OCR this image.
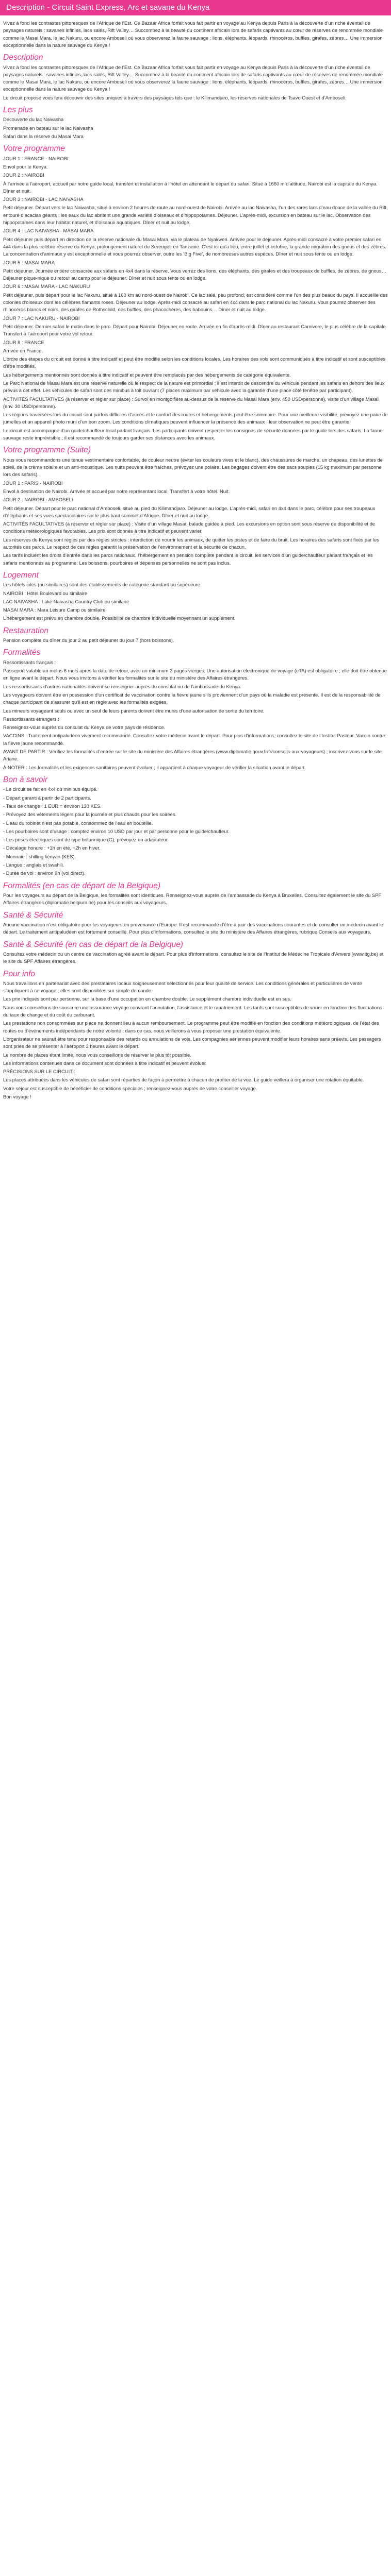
Description - Circuit Saint Express, Arc et savane du Kenya

Vivez à fond les contrastes pittoresques de l’Afrique de l’Est. Ce Bazaar Africa forfait vous fait partir en voyage au Kenya depuis Paris à la découverte d’un riche éventail de paysages naturels : savanes infinies, lacs salés, Rift Valley… Succombez à la beauté du continent africain lors de safaris captivants au cœur de réserves de renommée mondiale comme le Masai Mara, le lac Nakuru, ou encore Amboseli où vous observerez la faune sauvage : lions, éléphants, léopards, rhinocéros, buffles, girafes, zèbres… Une immersion exceptionnelle dans la nature sauvage du Kenya !

Description

Vivez à fond les contrastes pittoresques de l’Afrique de l’Est. Ce Bazaar Africa forfait vous fait partir en voyage au Kenya depuis Paris à la découverte d’un riche éventail de paysages naturels : savanes infinies, lacs salés, Rift Valley… Succombez à la beauté du continent africain lors de safaris captivants au cœur de réserves de renommée mondiale comme le Masai Mara, le lac Nakuru, ou encore Amboseli où vous observerez la faune sauvage : lions, éléphants, léopards, rhinocéros, buffles, girafes, zèbres… Une immersion exceptionnelle dans la nature sauvage du Kenya !

Le circuit proposé vous fera découvrir des sites uniques à travers des paysages tels que : le Kilimandjaro, les réserves nationales de Tsavo Ouest et d’Amboseli.

Les plus

Découverte du lac Naivasha

Promenade en bateau sur le lac Naivasha

Safari dans la réserve du Masai Mara

Votre programme

JOUR 1 : FRANCE - NAIROBI

Envol pour le Kenya.

JOUR 2 : NAIROBI

À l’arrivée à l’aéroport, accueil par notre guide local, transfert et installation à l’hôtel en attendant le départ du safari. Situé à 1660 m d’altitude, Nairobi est la capitale du Kenya. Dîner et nuit.

JOUR 3 : NAIROBI - LAC NAIVASHA

Petit déjeuner. Départ vers le lac Naivasha, situé à environ 2 heures de route au nord-ouest de Nairobi. Arrivée au lac Naivasha, l’un des rares lacs d’eau douce de la vallée du Rift, entouré d’acacias géants ; les eaux du lac abritent une grande variété d’oiseaux et d’hippopotames. Déjeuner. L’après-midi, excursion en bateau sur le lac. Observation des hippopotames dans leur habitat naturel, et d’oiseaux aquatiques. Dîner et nuit au lodge.

JOUR 4 : LAC NAIVASHA - MASAI MARA

Petit déjeuner puis départ en direction de la réserve nationale du Masai Mara, via le plateau de Nyakweri. Arrivée pour le déjeuner. Après-midi consacré à votre premier safari en 4x4 dans la plus célèbre réserve du Kenya, prolongement naturel du Serengeti en Tanzanie. C’est ici qu’a lieu, entre juillet et octobre, la grande migration des gnous et des zèbres. La concentration d’animaux y est exceptionnelle et vous pourrez observer, outre les ‘Big Five’, de nombreuses autres espèces. Dîner et nuit sous tente ou en lodge.

JOUR 5 : MASAI MARA

Petit déjeuner. Journée entière consacrée aux safaris en 4x4 dans la réserve. Vous verrez des lions, des éléphants, des girafes et des troupeaux de buffles, de zèbres, de gnous… Déjeuner pique-nique ou retour au camp pour le déjeuner. Dîner et nuit sous tente ou en lodge.

JOUR 6 : MASAI MARA - LAC NAKURU

Petit déjeuner, puis départ pour le lac Nakuru, situé à 160 km au nord-ouest de Nairobi. Ce lac salé, peu profond, est considéré comme l’un des plus beaux du pays. Il accueille des colonies d’oiseaux dont les célèbres flamants roses. Déjeuner au lodge. Après-midi consacré au safari en 4x4 dans le parc national du lac Nakuru. Vous pourrez observer des rhinocéros blancs et noirs, des girafes de Rothschild, des buffles, des phacochères, des babouins… Dîner et nuit au lodge.

JOUR 7 : LAC NAKURU - NAIROBI

Petit déjeuner. Dernier safari le matin dans le parc. Départ pour Nairobi. Déjeuner en route. Arrivée en fin d’après-midi. Dîner au restaurant Carnivore, le plus célèbre de la capitale. Transfert à l’aéroport pour votre vol retour.

JOUR 8 : FRANCE

Arrivée en France.

L’ordre des étapes du circuit est donné à titre indicatif et peut être modifié selon les conditions locales. Les horaires des vols sont communiqués à titre indicatif et sont susceptibles d’être modifiés.

Les hébergements mentionnés sont donnés à titre indicatif et peuvent être remplacés par des hébergements de catégorie équivalente.

Le Parc National de Masai Mara est une réserve naturelle où le respect de la nature est primordial ; il est interdit de descendre du véhicule pendant les safaris en dehors des lieux prévus à cet effet. Les véhicules de safari sont des minibus à toit ouvrant (7 places maximum par véhicule avec la garantie d’une place côté fenêtre par participant).

ACTIVITÉS FACULTATIVES (à réserver et régler sur place) : Survol en montgolfière au-dessus de la réserve du Masai Mara (env. 450 USD/personne), visite d’un village Masaï (env. 30 USD/personne).

Les régions traversées lors du circuit sont parfois difficiles d’accès et le confort des routes et hébergements peut être sommaire. Pour une meilleure visibilité, prévoyez une paire de jumelles et un appareil photo muni d’un bon zoom. Les conditions climatiques peuvent influencer la présence des animaux : leur observation ne peut être garantie.

Le circuit est accompagné d’un guide/chauffeur local parlant français. Les participants doivent respecter les consignes de sécurité données par le guide lors des safaris. La faune sauvage reste imprévisible ; il est recommandé de toujours garder ses distances avec les animaux.

Votre programme (Suite)

Nous vous recommandons une tenue vestimentaire confortable, de couleur neutre (éviter les couleurs vives et le blanc), des chaussures de marche, un chapeau, des lunettes de soleil, de la crème solaire et un anti-moustique. Les nuits peuvent être fraîches, prévoyez une polaire. Les bagages doivent être des sacs souples (15 kg maximum par personne lors des safaris).

JOUR 1 : PARIS - NAIROBI

Envol à destination de Nairobi. Arrivée et accueil par notre représentant local. Transfert à votre hôtel. Nuit.

JOUR 2 : NAIROBI - AMBOSELI

Petit déjeuner. Départ pour le parc national d’Amboseli, situé au pied du Kilimandjaro. Déjeuner au lodge. L’après-midi, safari en 4x4 dans le parc, célèbre pour ses troupeaux d’éléphants et ses vues spectaculaires sur le plus haut sommet d’Afrique. Dîner et nuit au lodge.

ACTIVITÉS FACULTATIVES (à réserver et régler sur place) : Visite d’un village Masaï, balade guidée à pied. Les excursions en option sont sous réserve de disponibilité et de conditions météorologiques favorables. Les prix sont donnés à titre indicatif et peuvent varier.

Les réserves du Kenya sont régies par des règles strictes : interdiction de nourrir les animaux, de quitter les pistes et de faire du bruit. Les horaires des safaris sont fixés par les autorités des parcs. Le respect de ces règles garantit la préservation de l’environnement et la sécurité de chacun.

Les tarifs incluent les droits d’entrée dans les parcs nationaux, l’hébergement en pension complète pendant le circuit, les services d’un guide/chauffeur parlant français et les safaris mentionnés au programme. Les boissons, pourboires et dépenses personnelles ne sont pas inclus.

Logement

Les hôtels cités (ou similaires) sont des établissements de catégorie standard ou supérieure.

NAIROBI : Hôtel Boulevard ou similaire

LAC NAIVASHA : Lake Naivasha Country Club ou similaire

MASAI MARA : Mara Leisure Camp ou similaire

L’hébergement est prévu en chambre double. Possibilité de chambre individuelle moyennant un supplément.

Restauration

Pension complète du dîner du jour 2 au petit déjeuner du jour 7 (hors boissons).

Formalités

Ressortissants français :

Passeport valable au moins 6 mois après la date de retour, avec au minimum 2 pages vierges. Une autorisation électronique de voyage (eTA) est obligatoire ; elle doit être obtenue en ligne avant le départ. Nous vous invitons à vérifier les formalités sur le site du ministère des Affaires étrangères.

Les ressortissants d’autres nationalités doivent se renseigner auprès du consulat ou de l’ambassade du Kenya.

Les voyageurs doivent être en possession d’un certificat de vaccination contre la fièvre jaune s’ils proviennent d’un pays où la maladie est présente. Il est de la responsabilité de chaque participant de s’assurer qu’il est en règle avec les formalités exigées.

Les mineurs voyageant seuls ou avec un seul de leurs parents doivent être munis d’une autorisation de sortie du territoire.

Ressortissants étrangers :

Renseignez-vous auprès du consulat du Kenya de votre pays de résidence.

VACCINS : Traitement antipaludéen vivement recommandé. Consultez votre médecin avant le départ. Pour plus d’informations, consultez le site de l’Institut Pasteur. Vaccin contre la fièvre jaune recommandé.

AVANT DE PARTIR : Vérifiez les formalités d’entrée sur le site du ministère des Affaires étrangères (www.diplomatie.gouv.fr/fr/conseils-aux-voyageurs) ; inscrivez-vous sur le site Ariane.

À NOTER : Les formalités et les exigences sanitaires peuvent évoluer ; il appartient à chaque voyageur de vérifier la situation avant le départ.

Bon à savoir

- Le circuit se fait en 4x4 ou minibus équipé.

- Départ garanti à partir de 2 participants.

- Taux de change : 1 EUR = environ 130 KES.

- Prévoyez des vêtements légers pour la journée et plus chauds pour les soirées.

- L’eau du robinet n’est pas potable, consommez de l’eau en bouteille.

- Les pourboires sont d’usage : comptez environ 10 USD par jour et par personne pour le guide/chauffeur.

- Les prises électriques sont de type britannique (G), prévoyez un adaptateur.

- Décalage horaire : +1h en été, +2h en hiver.

- Monnaie : shilling kényan (KES).

- Langue : anglais et swahili.

- Durée de vol : environ 9h (vol direct).

Formalités (en cas de départ de la Belgique)

Pour les voyageurs au départ de la Belgique, les formalités sont identiques. Renseignez-vous auprès de l’ambassade du Kenya à Bruxelles. Consultez également le site du SPF Affaires étrangères (diplomatie.belgium.be) pour les conseils aux voyageurs.

Santé & Sécurité

Aucune vaccination n’est obligatoire pour les voyageurs en provenance d’Europe. Il est recommandé d’être à jour des vaccinations courantes et de consulter un médecin avant le départ. Le traitement antipaludéen est fortement conseillé. Pour plus d’informations, consultez le site du ministère des Affaires étrangères, rubrique Conseils aux voyageurs.

Santé & Sécurité (en cas de départ de la Belgique)

Consultez votre médecin ou un centre de vaccination agréé avant le départ. Pour plus d’informations, consultez le site de l’Institut de Médecine Tropicale d’Anvers (www.itg.be) et le site du SPF Affaires étrangères.

Pour info

Nous travaillons en partenariat avec des prestataires locaux soigneusement sélectionnés pour leur qualité de service. Les conditions générales et particulières de vente s’appliquent à ce voyage ; elles sont disponibles sur simple demande.

Les prix indiqués sont par personne, sur la base d’une occupation en chambre double. Le supplément chambre individuelle est en sus.

Nous vous conseillons de souscrire une assurance voyage couvrant l’annulation, l’assistance et le rapatriement. Les tarifs sont susceptibles de varier en fonction des fluctuations du taux de change et du coût du carburant.

Les prestations non consommées sur place ne donnent lieu à aucun remboursement. Le programme peut être modifié en fonction des conditions météorologiques, de l’état des routes ou d’événements indépendants de notre volonté ; dans ce cas, nous veillerons à vous proposer une prestation équivalente.

L’organisateur ne saurait être tenu pour responsable des retards ou annulations de vols. Les compagnies aériennes peuvent modifier leurs horaires sans préavis. Les passagers sont priés de se présenter à l’aéroport 3 heures avant le départ.

Le nombre de places étant limité, nous vous conseillons de réserver le plus tôt possible.

Les informations contenues dans ce document sont données à titre indicatif et peuvent évoluer.

PRÉCISIONS SUR LE CIRCUIT :

Les places attribuées dans les véhicules de safari sont réparties de façon à permettre à chacun de profiter de la vue. Le guide veillera à organiser une rotation équitable.

Votre séjour est susceptible de bénéficier de conditions spéciales ; renseignez-vous auprès de votre conseiller voyage.

Bon voyage !
